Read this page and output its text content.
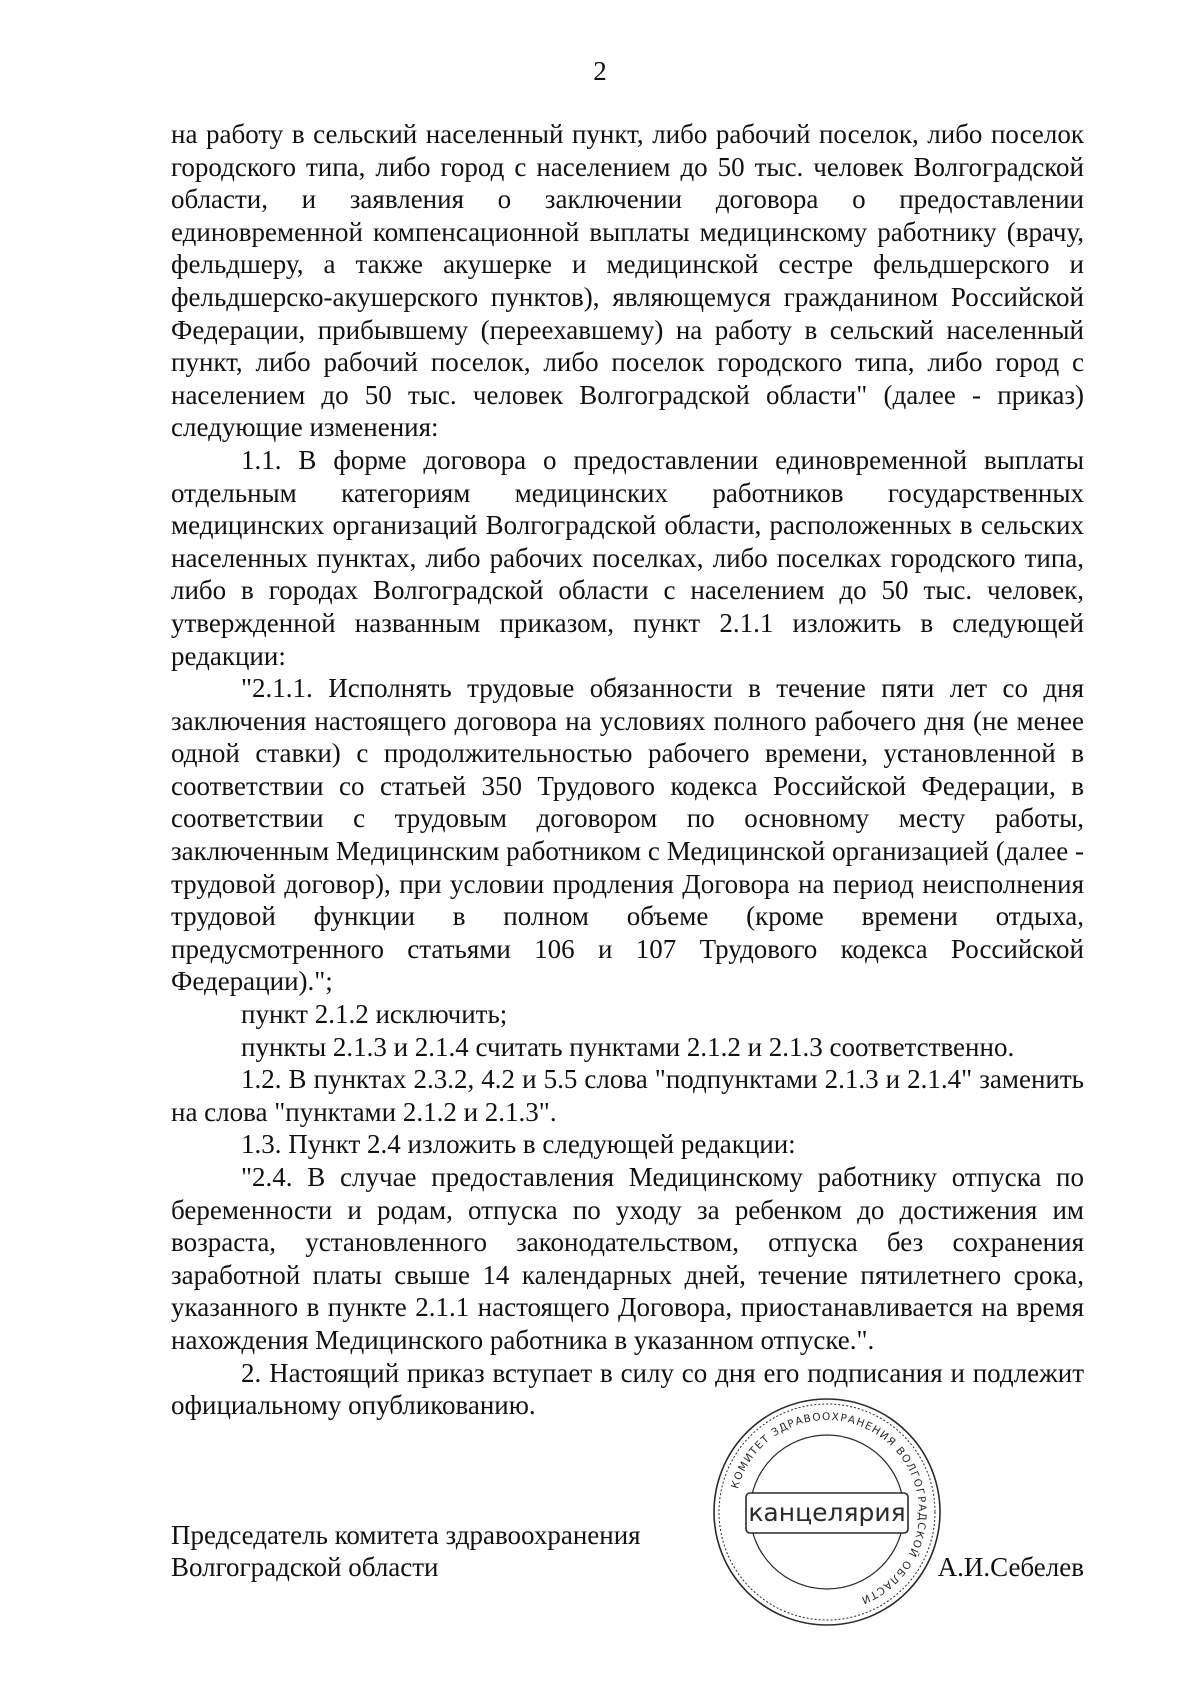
2

на работу в сельский населенный пункт, либо рабочий поселок, либо поселок городского типа, либо город с населением до 50 тыс. человек Волгоградской области, и заявления о заключении договора о предоставлении единовременной компенсационной выплаты медицинскому работнику (врачу, фельдшеру, а также акушерке и медицинской сестре фельдшерского и фельдшерско-акушерского пунктов), являющемуся гражданином Российской Федерации, прибывшему (переехавшему) на работу в сельский населенный пункт, либо рабочий поселок, либо поселок городского типа, либо город с населением до 50 тыс. человек Волгоградской области" (далее - приказ) следующие изменения:

1.1. В форме договора о предоставлении единовременной выплаты отдельным категориям медицинских работников государственных медицинских организаций Волгоградской области, расположенных в сельских населенных пунктах, либо рабочих поселках, либо поселках городского типа, либо в городах Волгоградской области с населением до 50 тыс. человек, утвержденной названным приказом, пункт 2.1.1 изложить в следующей редакции:

"2.1.1. Исполнять трудовые обязанности в течение пяти лет со дня заключения настоящего договора на условиях полного рабочего дня (не менее одной ставки) с продолжительностью рабочего времени, установленной в соответствии со статьей 350 Трудового кодекса Российской Федерации, в соответствии с трудовым договором по основному месту работы, заключенным Медицинским работником с Медицинской организацией (далее - трудовой договор), при условии продления Договора на период неисполнения трудовой функции в полном объеме (кроме времени отдыха, предусмотренного статьями 106 и 107 Трудового кодекса Российской Федерации).";

пункт 2.1.2 исключить;

пункты 2.1.3 и 2.1.4 считать пунктами 2.1.2 и 2.1.3 соответственно.

1.2. В пунктах 2.3.2, 4.2 и 5.5 слова "подпунктами 2.1.3 и 2.1.4" заменить на слова "пунктами 2.1.2 и 2.1.3".

1.3. Пункт 2.4 изложить в следующей редакции:

"2.4. В случае предоставления Медицинскому работнику отпуска по беременности и родам, отпуска по уходу за ребенком до достижения им возраста, установленного законодательством, отпуска без сохранения заработной платы свыше 14 календарных дней, течение пятилетнего срока, указанного в пункте 2.1.1 настоящего Договора, приостанавливается на время нахождения Медицинского работника в указанном отпуске.".

2. Настоящий приказ вступает в силу со дня его подписания и подлежит официальному опубликованию.

Председатель комитета здравоохранения
Волгоградской области	А.И.Себелев
КОМИТЕТ ЗДРАВООХРАНЕНИЯ ВОЛГОГРАДСКОЙ ОБЛАСТИ
канцелярия
